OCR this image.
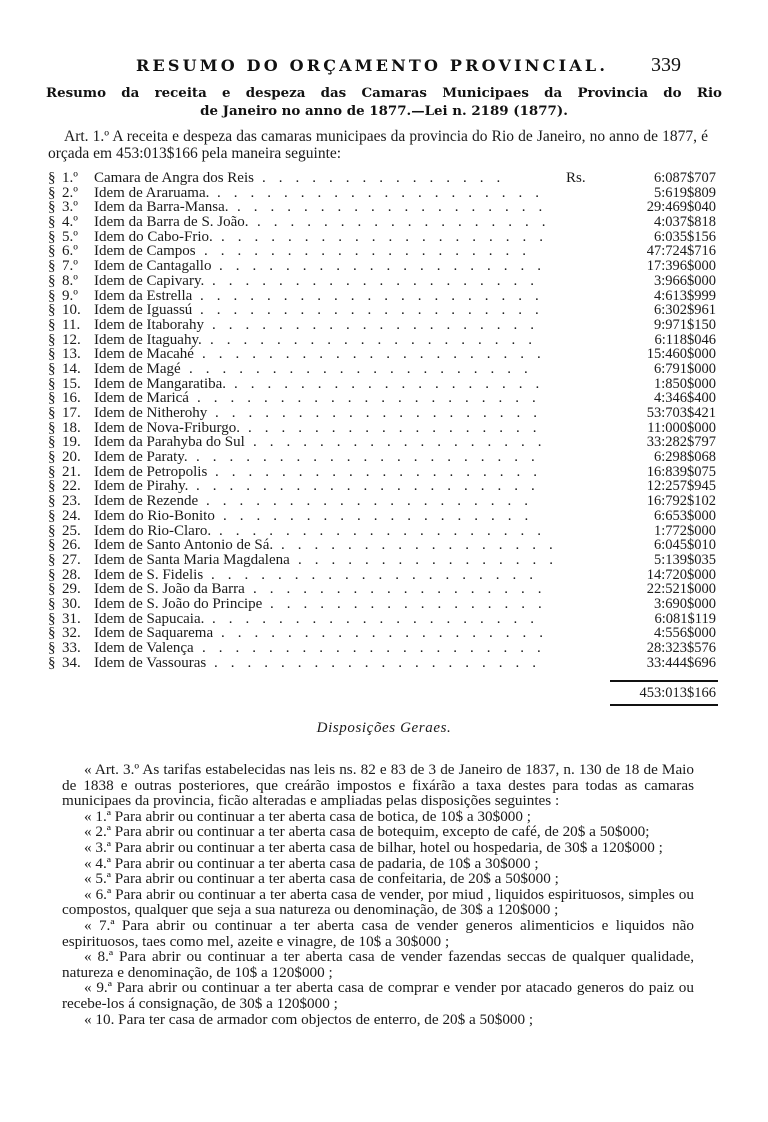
RESUMO DO ORÇAMENTO PROVINCIAL. 339
Resumo da receita e despeza das Camaras Municipaes da Provincia do Rio
de Janeiro no anno de 1877.—Lei n. 2189 (1877).

Art. 1.º A receita e despeza das camaras municipaes da provincia do Rio de Janeiro, no anno de 1877, é orçada em 453:013$166 pela maneira seguinte:

...............
§ 1.º Camara de Angra dos Reis	Rs.	6:087$707
....................
§ 2.º Idem de Araruama.	5:619$809
...................
§ 3.º Idem da Barra-Mansa.	29:469$040
..................
§ 4.º Idem da Barra de S. João.	4:037$818
....................
§ 5.º Idem do Cabo-Frio.	6:035$156
....................
§ 6.º Idem de Campos	47:724$716
....................
§ 7.º Idem de Cantagallo	17:396$000
....................
§ 8.º Idem de Capivary.	3:966$000
.....................
§ 9.º Idem da Estrella	4:613$999
.....................
§ 10. Idem de Iguassú	6:302$961
....................
§ 11. Idem de Itaborahy	9:971$150
....................
§ 12. Idem de Itaguahy.	6:118$046
.....................
§ 13. Idem de Macahé	15:460$000
.....................
§ 14. Idem de Magé	6:791$000
...................
§ 15. Idem de Mangaratiba.	1:850$000
.....................
§ 16. Idem de Maricá	4:346$400
....................
§ 17. Idem de Nitherohy	53:703$421
..................
§ 18. Idem de Nova-Friburgo.	11:000$000
..................
§ 19. Idem da Parahyba do Sul	33:282$797
.....................
§ 20. Idem de Paraty.	6:298$068
....................
§ 21. Idem de Petropolis	16:839$075
.....................
§ 22. Idem de Pirahy.	12:257$945
....................
§ 23. Idem de Rezende	16:792$102
...................
§ 24. Idem do Rio-Bonito	6:653$000
....................
§ 25. Idem do Rio-Claro.	1:772$000
.................
§ 26. Idem de Santo Antonio de Sá.	6:045$010
................
§ 27. Idem de Santa Maria Magdalena	5:139$035
....................
§ 28. Idem de S. Fidelis	14:720$000
..................
§ 29. Idem de S. João da Barra	22:521$000
.................
§ 30. Idem de S. João do Principe	3:690$000
....................
§ 31. Idem de Sapucaia.	6:081$119
....................
§ 32. Idem de Saquarema	4:556$000
.....................
§ 33. Idem de Valença	28:323$576
....................
§ 34. Idem de Vassouras	33:444$696
453:013$166
Disposições Geraes.

« Art. 3.º As tarifas estabelecidas nas leis ns. 82 e 83 de 3 de Janeiro de 1837, n. 130 de 18 de Maio de 1838 e outras posteriores, que creárão impostos e fixárão a taxa destes para todas as camaras municipaes da provincia, ficão alteradas e ampliadas pelas disposições seguintes :

« 1.ª Para abrir ou continuar a ter aberta casa de botica, de 10$ a 30$000 ;

« 2.ª Para abrir ou continuar a ter aberta casa de botequim, excepto de café, de 20$ a 50$000;

« 3.ª Para abrir ou continuar a ter aberta casa de bilhar, hotel ou hospedaria, de 30$ a 120$000 ;

« 4.ª Para abrir ou continuar a ter aberta casa de padaria, de 10$ a 30$000 ;

« 5.ª Para abrir ou continuar a ter aberta casa de confeitaria, de 20$ a 50$000 ;

« 6.ª Para abrir ou continuar a ter aberta casa de vender, por miud , liquidos espirituosos, simples ou compostos, qualquer que seja a sua natureza ou denominação, de 30$ a 120$000 ;

« 7.ª Para abrir ou continuar a ter aberta casa de vender generos alimenticios e liquidos não espirituosos, taes como mel, azeite e vinagre, de 10$ a 30$000 ;

« 8.ª Para abrir ou continuar a ter aberta casa de vender fazendas seccas de qualquer qualidade, natureza e denominação, de 10$ a 120$000 ;

« 9.ª Para abrir ou continuar a ter aberta casa de comprar e vender por atacado generos do paiz ou recebe-los á consignação, de 30$ a 120$000 ;

« 10. Para ter casa de armador com objectos de enterro, de 20$ a 50$000 ;
